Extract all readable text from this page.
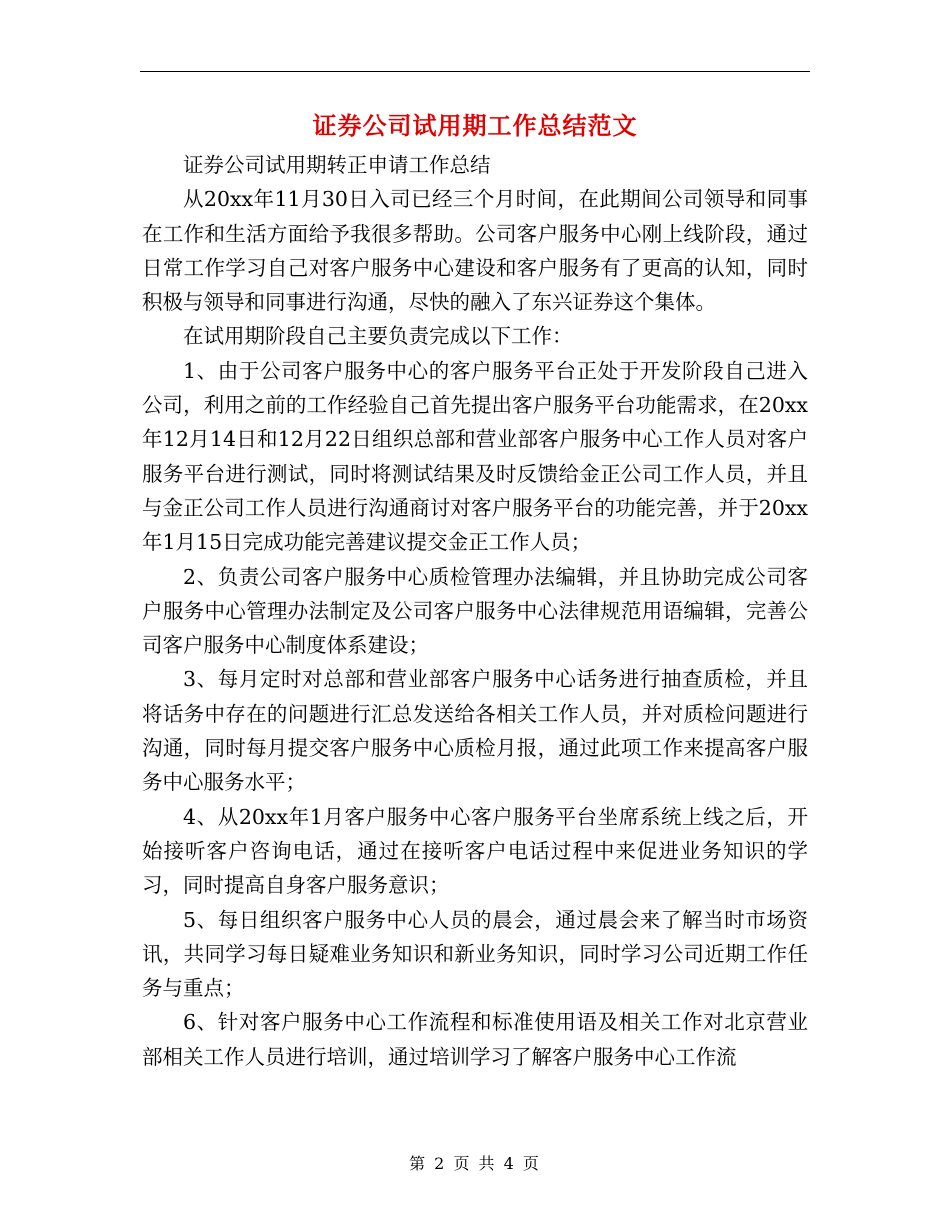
证券公司试用期工作总结范文

证券公司试用期转正申请工作总结

从20xx年11月30日入司已经三个月时间，在此期间公司领导和同事在工作和生活方面给予我很多帮助。公司客户服务中心刚上线阶段，通过日常工作学习自己对客户服务中心建设和客户服务有了更高的认知，同时积极与领导和同事进行沟通，尽快的融入了东兴证券这个集体。

在试用期阶段自己主要负责完成以下工作：

1、由于公司客户服务中心的客户服务平台正处于开发阶段自己进入公司，利用之前的工作经验自己首先提出客户服务平台功能需求，在20xx年12月14日和12月22日组织总部和营业部客户服务中心工作人员对客户服务平台进行测试，同时将测试结果及时反馈给金正公司工作人员，并且与金正公司工作人员进行沟通商讨对客户服务平台的功能完善，并于20xx年1月15日完成功能完善建议提交金正工作人员；

2、负责公司客户服务中心质检管理办法编辑，并且协助完成公司客户服务中心管理办法制定及公司客户服务中心法律规范用语编辑，完善公司客户服务中心制度体系建设；

3、每月定时对总部和营业部客户服务中心话务进行抽查质检，并且将话务中存在的问题进行汇总发送给各相关工作人员，并对质检问题进行沟通，同时每月提交客户服务中心质检月报，通过此项工作来提高客户服务中心服务水平；

4、从20xx年1月客户服务中心客户服务平台坐席系统上线之后，开始接听客户咨询电话，通过在接听客户电话过程中来促进业务知识的学习，同时提高自身客户服务意识；

5、每日组织客户服务中心人员的晨会，通过晨会来了解当时市场资讯，共同学习每日疑难业务知识和新业务知识，同时学习公司近期工作任务与重点；

6、针对客户服务中心工作流程和标准使用语及相关工作对北京营业部相关工作人员进行培训，通过培训学习了解客户服务中心工作流

第 2 页 共 4 页
